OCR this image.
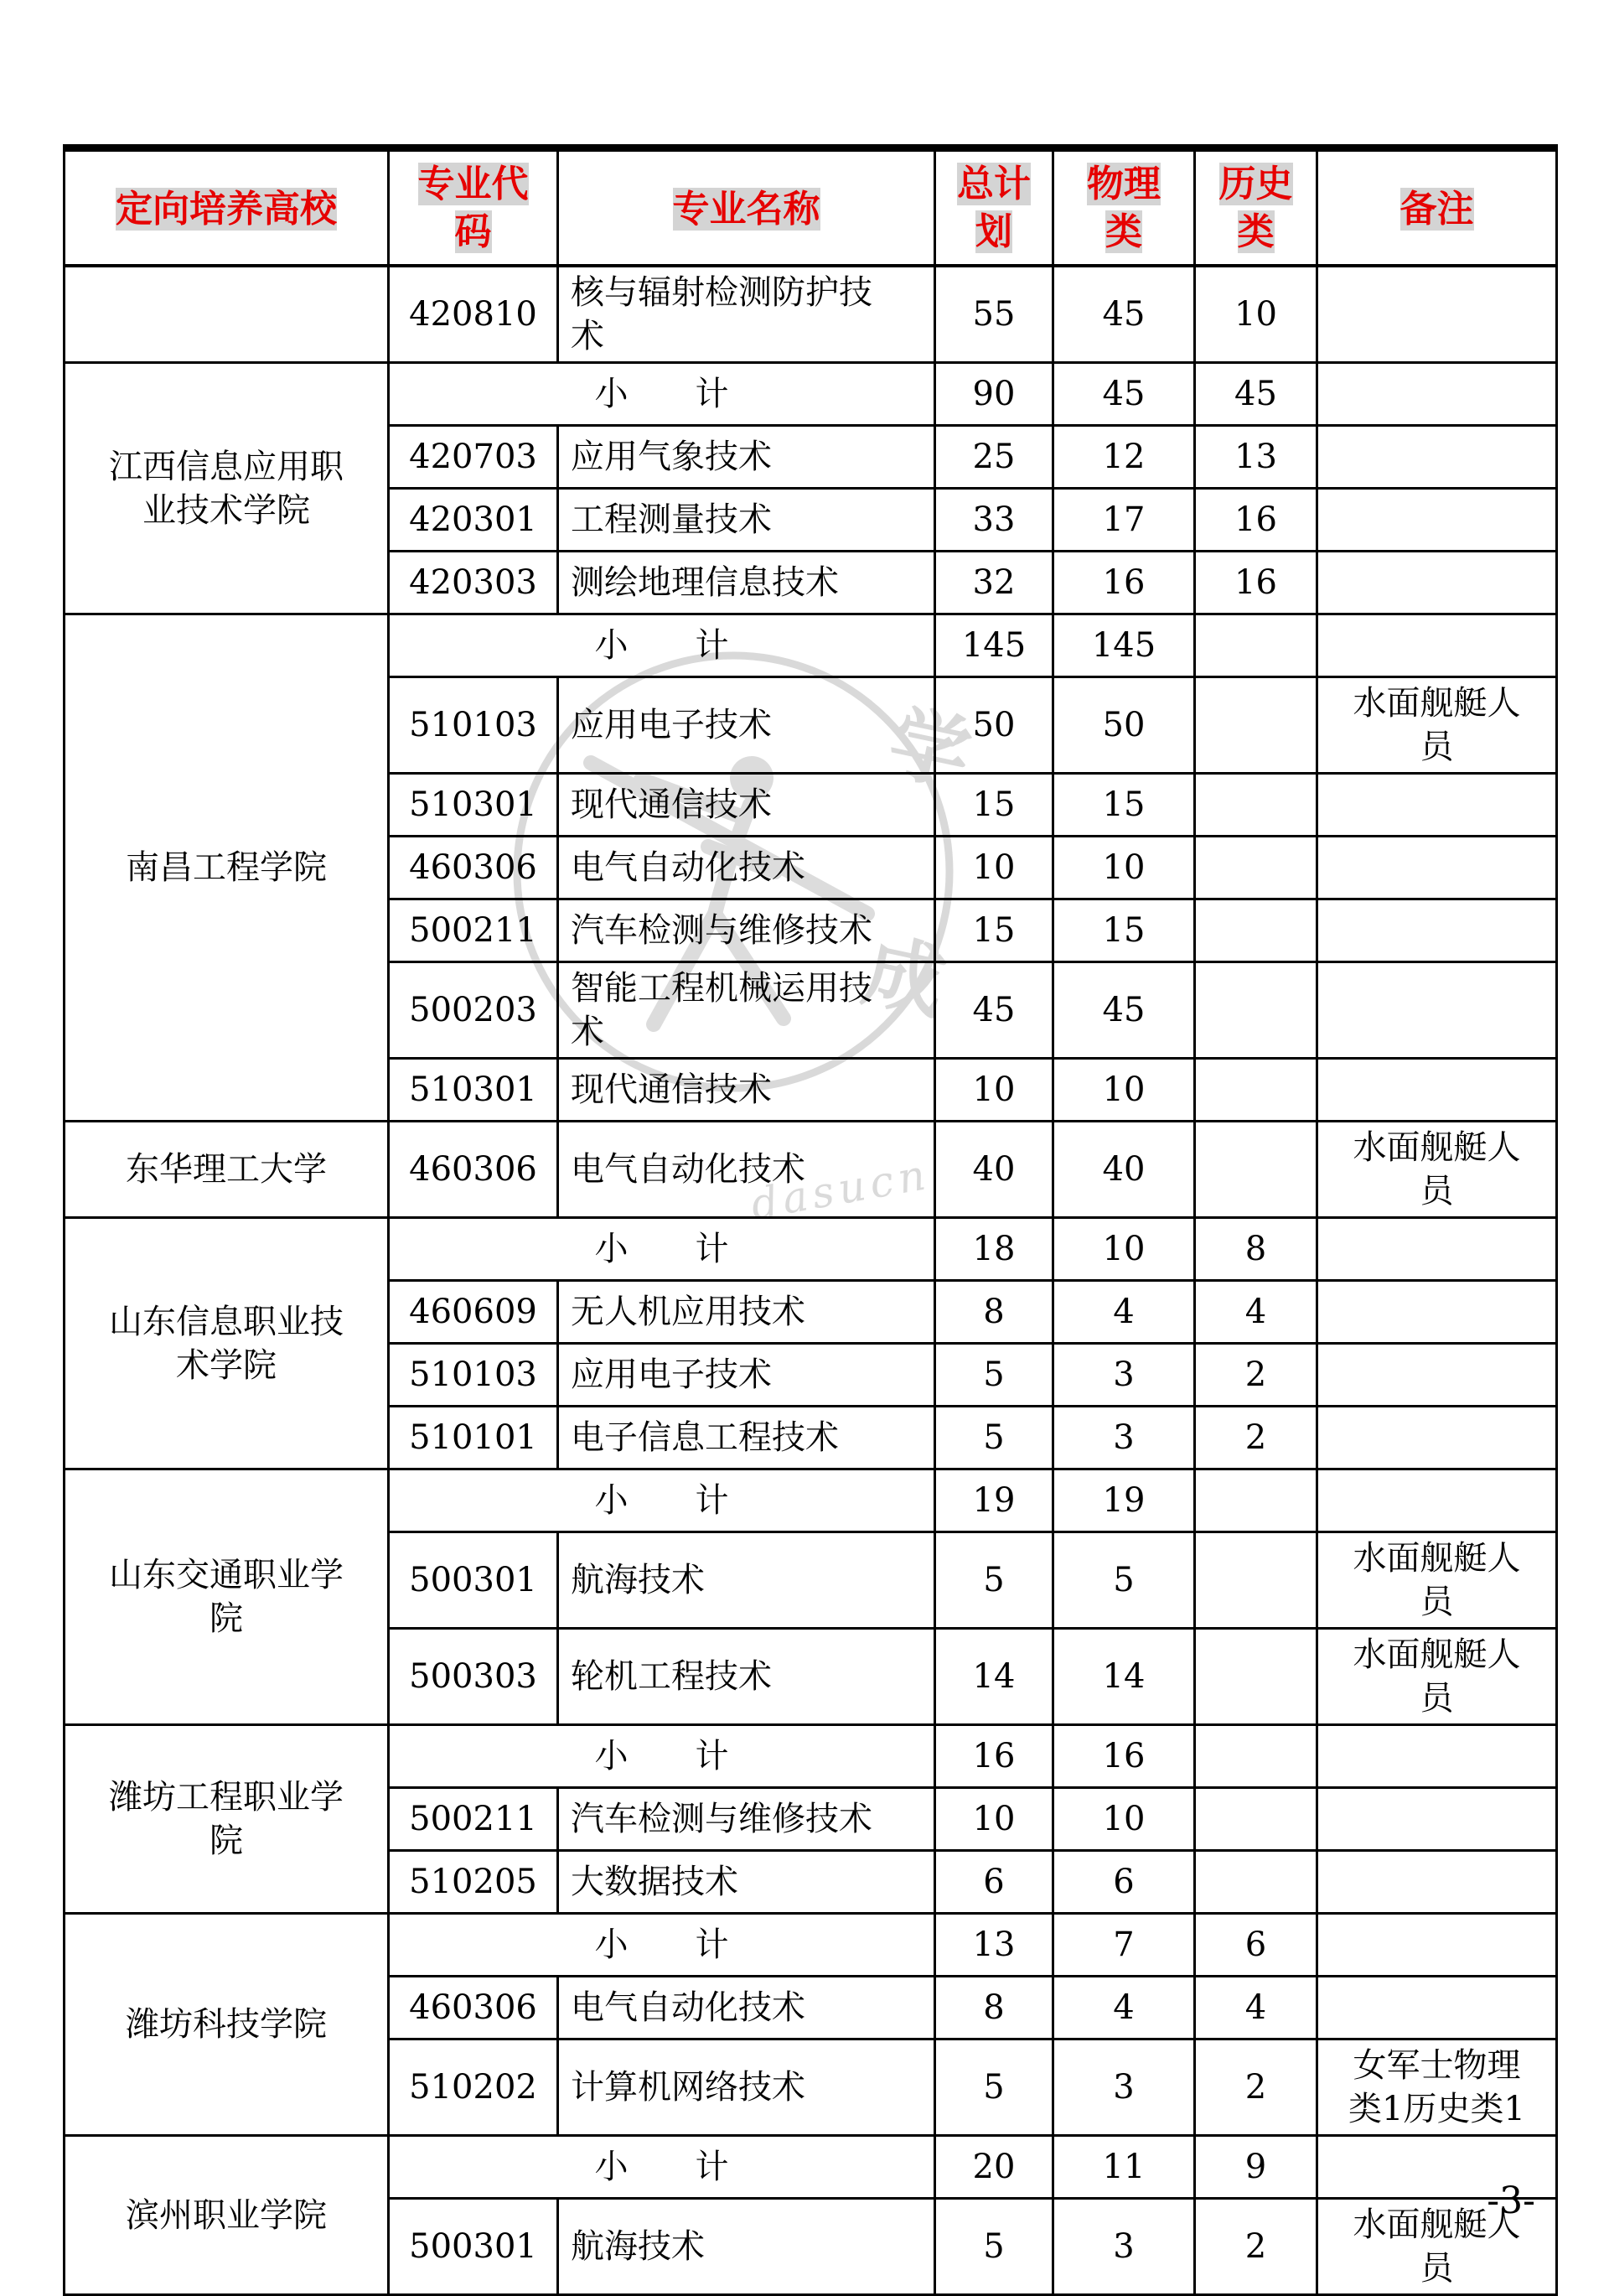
学
成
dasucn
定向培养高校	专业代码	专业名称	总计划	物理类	历史类	备注
	420810	核与辐射检测防护技术	55	45	10	
江西信息应用职业技术学院	小　　计		90	45	45	
	420703	应用气象技术	25	12	13	
	420301	工程测量技术	33	17	16	
	420303	测绘地理信息技术	32	16	16	
南昌工程学院	小　　计		145	145		
	510103	应用电子技术	50	50		水面舰艇人员
	510301	现代通信技术	15	15		
	460306	电气自动化技术	10	10		
	500211	汽车检测与维修技术	15	15		
	500203	智能工程机械运用技术	45	45		
	510301	现代通信技术	10	10		
东华理工大学	460306	电气自动化技术	40	40		水面舰艇人员
山东信息职业技术学院	小　　计		18	10	8	
	460609	无人机应用技术	8	4	4	
	510103	应用电子技术	5	3	2	
	510101	电子信息工程技术	5	3	2	
山东交通职业学院	小　　计		19	19		
	500301	航海技术	5	5		水面舰艇人员
	500303	轮机工程技术	14	14		水面舰艇人员
潍坊工程职业学院	小　　计		16	16		
	500211	汽车检测与维修技术	10	10		
	510205	大数据技术	6	6		
潍坊科技学院	小　　计		13	7	6	
	460306	电气自动化技术	8	4	4	
	510202	计算机网络技术	5	3	2	女军士物理类1历史类1
滨州职业学院	小　　计		20	11	9	
	500301	航海技术	5	3	2	水面舰艇人员
-3-
